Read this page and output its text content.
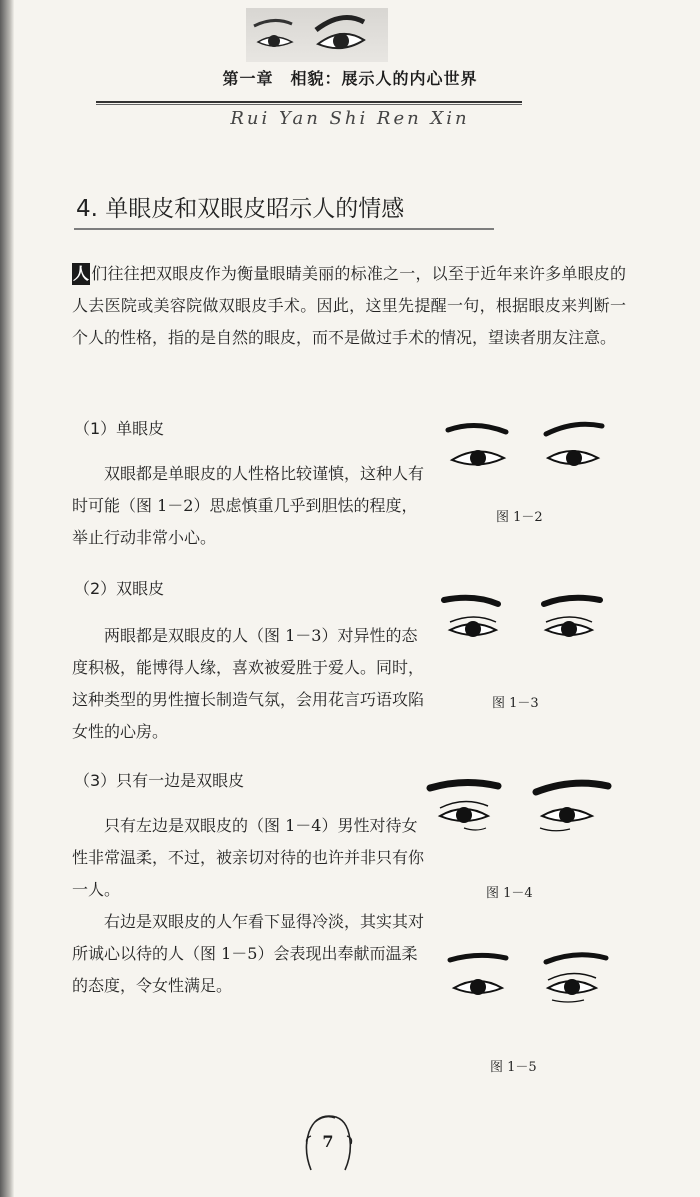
第一章　相貌：展示人的内心世界
Rui Yan Shi Ren Xin
4. 单眼皮和双眼皮昭示人的情感
人 们往往把双眼皮作为衡量眼睛美丽的标准之一，以至于近年来许多单眼皮的人去医院或美容院做双眼皮手术。因此，这里先提醒一句，根据眼皮来判断一个人的性格，指的是自然的眼皮，而不是做过手术的情况，望读者朋友注意。
（1）单眼皮
双眼都是单眼皮的人性格比较谨慎，这种人有时可能（图 1－2）思虑慎重几乎到胆怯的程度，举止行动非常小心。
（2）双眼皮
两眼都是双眼皮的人（图 1－3）对异性的态度积极，能博得人缘，喜欢被爱胜于爱人。同时，这种类型的男性擅长制造气氛，会用花言巧语攻陷女性的心房。
（3）只有一边是双眼皮
只有左边是双眼皮的（图 1－4）男性对待女性非常温柔，不过，被亲切对待的也许并非只有你一人。
右边是双眼皮的人乍看下显得冷淡，其实其对所诚心以待的人（图 1－5）会表现出奉献而温柔的态度，令女性满足。
图 1－2
图 1－3
图 1－4
图 1－5
7
